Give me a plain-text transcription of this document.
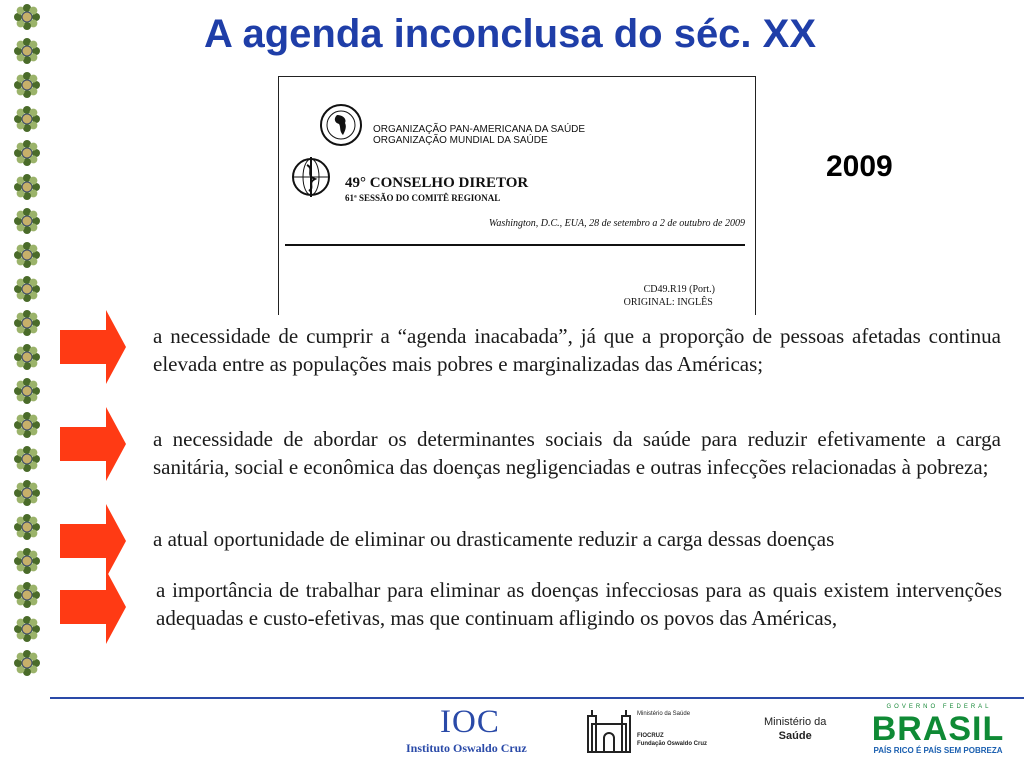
A agenda inconclusa do séc. XX
2009
ORGANIZAÇÃO PAN-AMERICANA DA SAÚDE
ORGANIZAÇÃO MUNDIAL DA SAÚDE
49° CONSELHO DIRETOR
61ª SESSÃO DO COMITÊ REGIONAL
Washington, D.C., EUA, 28 de setembro a 2 de outubro de 2009
CD49.R19 (Port.)
ORIGINAL: INGLÊS
a necessidade de cumprir a “agenda inacabada”, já que a proporção de pessoas afetadas continua elevada entre as populações mais pobres e marginalizadas das Américas;
a necessidade de abordar os determinantes sociais da saúde para reduzir efetivamente a carga sanitária, social e econômica das doenças negligenciadas e outras infecções relacionadas à pobreza;
a atual oportunidade de eliminar ou drasticamente reduzir a carga dessas doenças
a importância de trabalhar para eliminar as doenças infecciosas para as quais existem intervenções adequadas e custo-efetivas, mas que continuam afligindo os povos das Américas,
IOC
Instituto Oswaldo Cruz
Ministério da Saúde
FIOCRUZ
Fundação Oswaldo Cruz
Ministério da
Saúde
GOVERNO FEDERAL
BRASIL
PAÍS RICO É PAÍS SEM POBREZA
